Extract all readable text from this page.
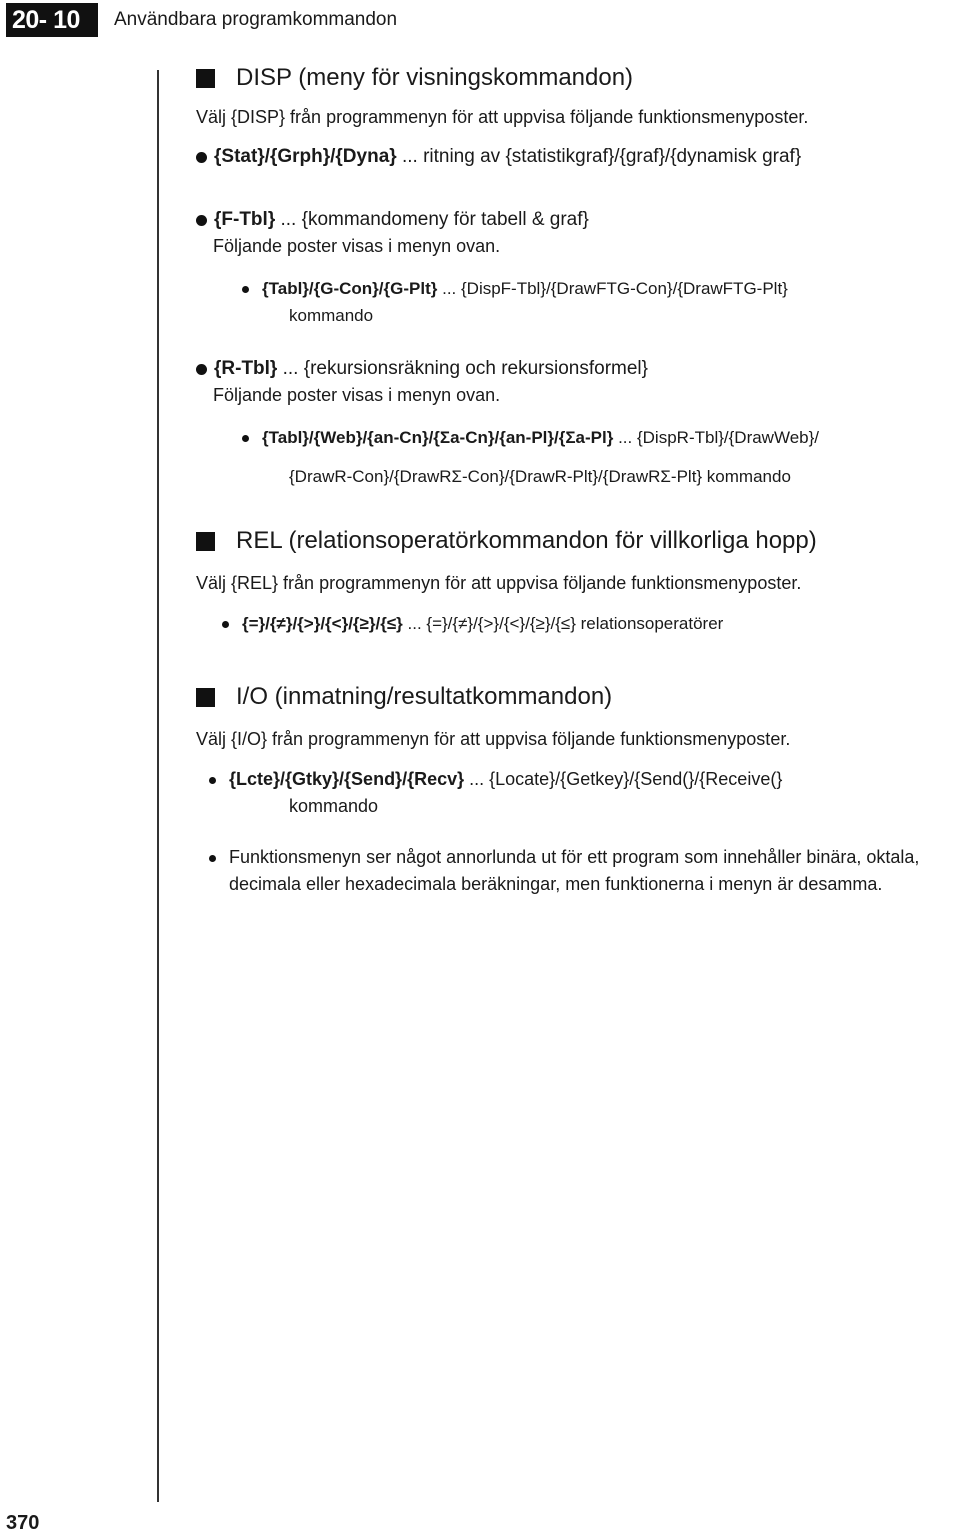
20- 10	Användbara programkommandon
370
DISP (meny för visningskommandon)
Välj {DISP} från programmenyn för att uppvisa följande funktionsmenyposter.
{Stat}/{Grph}/{Dyna} ... ritning av {statistikgraf}/{graf}/{dynamisk graf}
{F-Tbl} ... {kommandomeny för tabell & graf}
Följande poster visas i menyn ovan.
{Tabl}/{G-Con}/{G-Plt} ... {DispF-Tbl}/{DrawFTG-Con}/{DrawFTG-Plt}
kommando
{R-Tbl} ... {rekursionsräkning och rekursionsformel}
Följande poster visas i menyn ovan.
{Tabl}/{Web}/{an-Cn}/{Σa-Cn}/{an-Pl}/{Σa-Pl} ... {DispR-Tbl}/{DrawWeb}/
{DrawR-Con}/{DrawRΣ-Con}/{DrawR-Plt}/{DrawRΣ-Plt} kommando
REL (relationsoperatörkommandon för villkorliga hopp)
Välj {REL} från programmenyn för att uppvisa följande funktionsmenyposter.
{=}/{≠}/{>}/{<}/{≥}/{≤} ... {=}/{≠}/{>}/{<}/{≥}/{≤} relationsoperatörer
I/O (inmatning/resultatkommandon)
Välj {I/O} från programmenyn för att uppvisa följande funktionsmenyposter.
{Lcte}/{Gtky}/{Send}/{Recv} ... {Locate}/{Getkey}/{Send(}/{Receive(}
kommando
Funktionsmenyn ser något annorlunda ut för ett program som innehåller binära, oktala, decimala eller hexadecimala beräkningar, men funktionerna i menyn är desamma.
